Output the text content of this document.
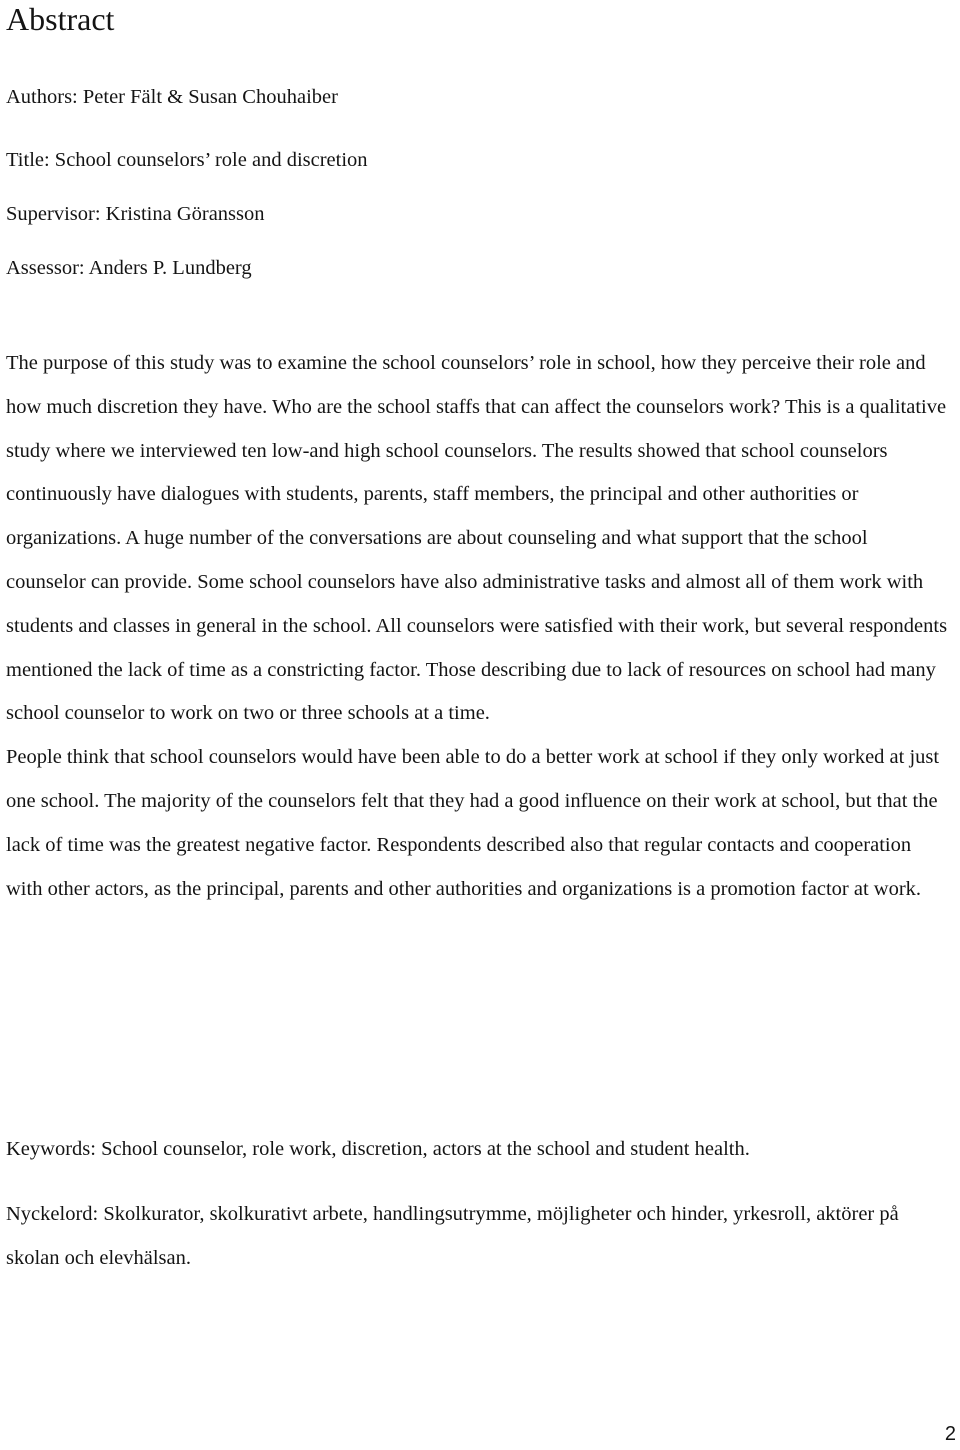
Abstract

Authors: Peter Fält & Susan Chouhaiber

Title: School counselors’ role and discretion

Supervisor: Kristina Göransson

Assessor: Anders P. Lundberg

The purpose of this study was to examine the school counselors’ role in school, how they perceive their role and how much discretion they have. Who are the school staffs that can affect the counselors work? This is a qualitative study where we interviewed ten low-and high school counselors. The results showed that school counselors continuously have dialogues with students, parents, staff members, the principal and other authorities or organizations. A huge number of the conversations are about counseling and what support that the school counselor can provide. Some school counselors have also administrative tasks and almost all of them work with students and classes in general in the school. All counselors were satisfied with their work, but several respondents mentioned the lack of time as a constricting factor. Those describing due to lack of resources on school had many school counselor to work on two or three schools at a time.

People think that school counselors would have been able to do a better work at school if they only worked at just one school. The majority of the counselors felt that they had a good influence on their work at school, but that the lack of time was the greatest negative factor. Respondents described also that regular contacts and cooperation with other actors, as the principal, parents and other authorities and organizations is a promotion factor at work.

Keywords: School counselor, role work, discretion, actors at the school and student health.

Nyckelord: Skolkurator, skolkurativt arbete, handlingsutrymme, möjligheter och hinder, yrkesroll, aktörer på skolan och elevhälsan.

2
